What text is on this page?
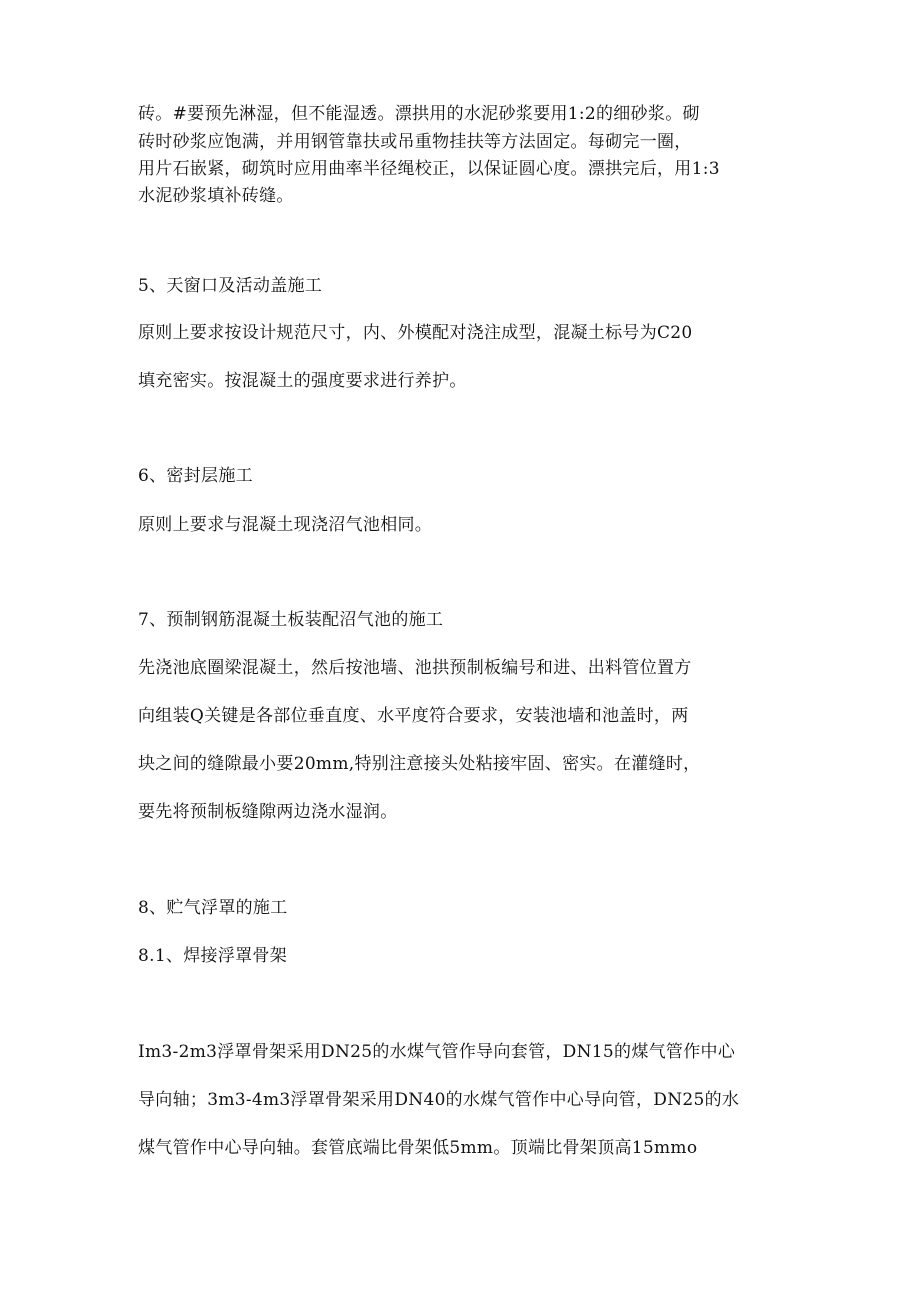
砖。#要预先淋湿，但不能湿透。漂拱用的水泥砂浆要用1:2的细砂浆。砌
砖时砂浆应饱满，并用钢管靠扶或吊重物挂扶等方法固定。每砌完一圈，
用片石嵌紧，砌筑时应用曲率半径绳校正，以保证圆心度。漂拱完后，用1:3
水泥砂浆填补砖缝。
5、天窗口及活动盖施工
原则上要求按设计规范尺寸，内、外模配对浇注成型，混凝土标号为C20
填充密实。按混凝土的强度要求进行养护。
6、密封层施工
原则上要求与混凝土现浇沼气池相同。
7、预制钢筋混凝土板装配沼气池的施工
先浇池底圈梁混凝土，然后按池墙、池拱预制板编号和进、出料管位置方
向组装Q关键是各部位垂直度、水平度符合要求，安装池墙和池盖时，两
块之间的缝隙最小要20mm,特别注意接头处粘接牢固、密实。在灌缝时，
要先将预制板缝隙两边浇水湿润。
8、贮气浮罩的施工
8.1、焊接浮罩骨架
Im3-2m3浮罩骨架采用DN25的水煤气管作导向套管，DN15的煤气管作中心
导向轴；3m3-4m3浮罩骨架采用DN40的水煤气管作中心导向管，DN25的水
煤气管作中心导向轴。套管底端比骨架低5mm。顶端比骨架顶高15mmo
